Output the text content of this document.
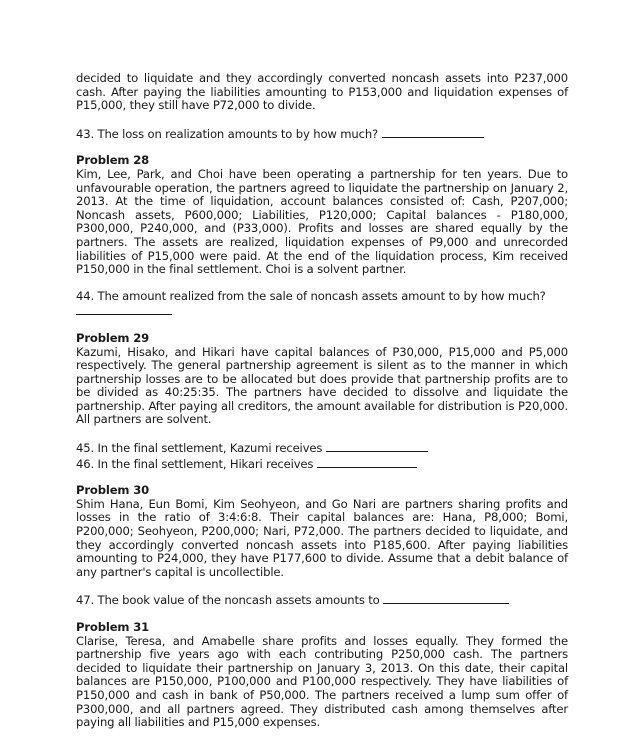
decided to liquidate and they accordingly converted noncash assets into P237,000 cash. After paying the liabilities amounting to P153,000 and liquidation expenses of P15,000, they still have P72,000 to divide.

43. The loss on realization amounts to by how much?

Problem 28

Kim, Lee, Park, and Choi have been operating a partnership for ten years. Due to unfavourable operation, the partners agreed to liquidate the partnership on January 2, 2013. At the time of liquidation, account balances consisted of: Cash, P207,000; Noncash assets, P600,000; Liabilities, P120,000; Capital balances - P180,000, P300,000, P240,000, and (P33,000). Profits and losses are shared equally by the partners. The assets are realized, liquidation expenses of P9,000 and unrecorded liabilities of P15,000 were paid. At the end of the liquidation process, Kim received P150,000 in the final settlement. Choi is a solvent partner.

44. The amount realized from the sale of noncash assets amount to by how much?

Problem 29

Kazumi, Hisako, and Hikari have capital balances of P30,000, P15,000 and P5,000 respectively. The general partnership agreement is silent as to the manner in which partnership losses are to be allocated but does provide that partnership profits are to be divided as 40:25:35. The partners have decided to dissolve and liquidate the partnership. After paying all creditors, the amount available for distribution is P20,000. All partners are solvent.

45. In the final settlement, Kazumi receives

46. In the final settlement, Hikari receives

Problem 30

Shim Hana, Eun Bomi, Kim Seohyeon, and Go Nari are partners sharing profits and losses in the ratio of 3:4:6:8. Their capital balances are: Hana, P8,000; Bomi, P200,000; Seohyeon, P200,000; Nari, P72,000. The partners decided to liquidate, and they accordingly converted noncash assets into P185,600. After paying liabilities amounting to P24,000, they have P177,600 to divide. Assume that a debit balance of any partner's capital is uncollectible.

47. The book value of the noncash assets amounts to

Problem 31

Clarise, Teresa, and Amabelle share profits and losses equally. They formed the partnership five years ago with each contributing P250,000 cash. The partners decided to liquidate their partnership on January 3, 2013. On this date, their capital balances are P150,000, P100,000 and P100,000 respectively. They have liabilities of P150,000 and cash in bank of P50,000. The partners received a lump sum offer of P300,000, and all partners agreed. They distributed cash among themselves after paying all liabilities and P15,000 expenses.
